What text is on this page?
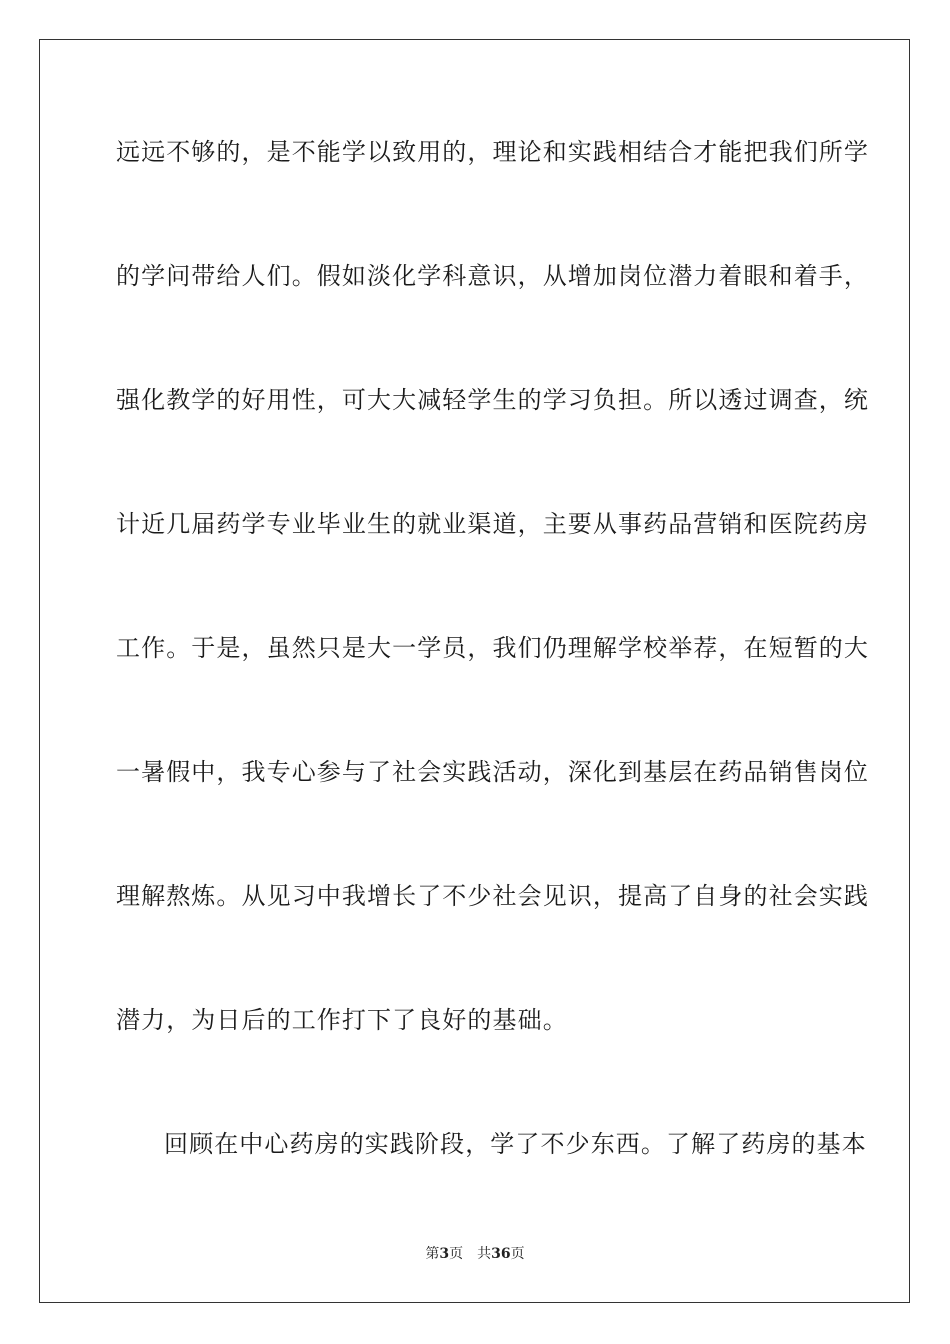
远远不够的，是不能学以致用的，理论和实践相结合才能把我们所学
的学问带给人们。假如淡化学科意识，从增加岗位潜力着眼和着手，
强化教学的好用性，可大大减轻学生的学习负担。所以透过调查，统
计近几届药学专业毕业生的就业渠道，主要从事药品营销和医院药房
工作。于是，虽然只是大一学员，我们仍理解学校举荐，在短暂的大
一暑假中，我专心参与了社会实践活动，深化到基层在药品销售岗位
理解熬炼。从见习中我增长了不少社会见识，提高了自身的社会实践
潜力，为日后的工作打下了良好的基础。
回顾在中心药房的实践阶段，学了不少东西。了解了药房的基本
第3页 共36页
